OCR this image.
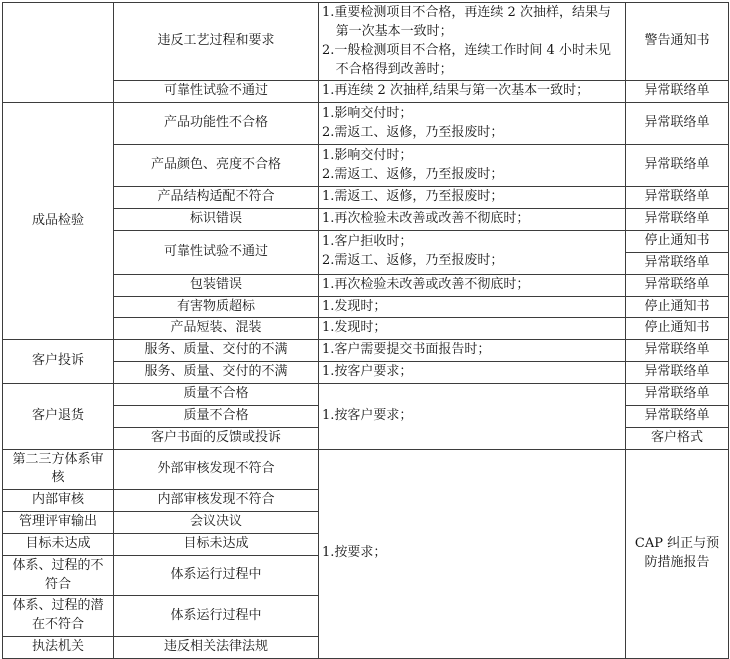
	违反工艺过程和要求	1.重要检测项目不合格，再连续 2 次抽样，结果与第一次基本一致时；
2.一般检测项目不合格，连续工作时间 4 小时未见不合格得到改善时；	警告通知书
	可靠性试验不通过	1.再连续 2 次抽样,结果与第一次基本一致时；	异常联络单
成品检验	产品功能性不合格	1.影响交付时；
2.需返工、返修，乃至报废时；	异常联络单
	产品颜色、亮度不合格	1.影响交付时；
2.需返工、返修，乃至报废时；	异常联络单
	产品结构适配不符合	1.需返工、返修，乃至报废时；	异常联络单
	标识错误	1.再次检验未改善或改善不彻底时；	异常联络单
	可靠性试验不通过	1.客户拒收时；
2.需返工、返修，乃至报废时；	停止通知书
			异常联络单
	包装错误	1.再次检验未改善或改善不彻底时；	异常联络单
	有害物质超标	1.发现时；	停止通知书
	产品短装、混装	1.发现时；	停止通知书
客户投诉	服务、质量、交付的不满	1.客户需要提交书面报告时；	异常联络单
	服务、质量、交付的不满	1.按客户要求；	异常联络单
客户退货	质量不合格	1.按客户要求；	异常联络单
	质量不合格		异常联络单
	客户书面的反馈或投诉		客户格式
第二三方体系审核	外部审核发现不符合	1.按要求；	CAP 纠正与预防措施报告
内部审核	内部审核发现不符合		
管理评审输出	会议决议		
目标未达成	目标未达成		
体系、过程的不符合	体系运行过程中		
体系、过程的潜在不符合	体系运行过程中		
执法机关	违反相关法律法规		
